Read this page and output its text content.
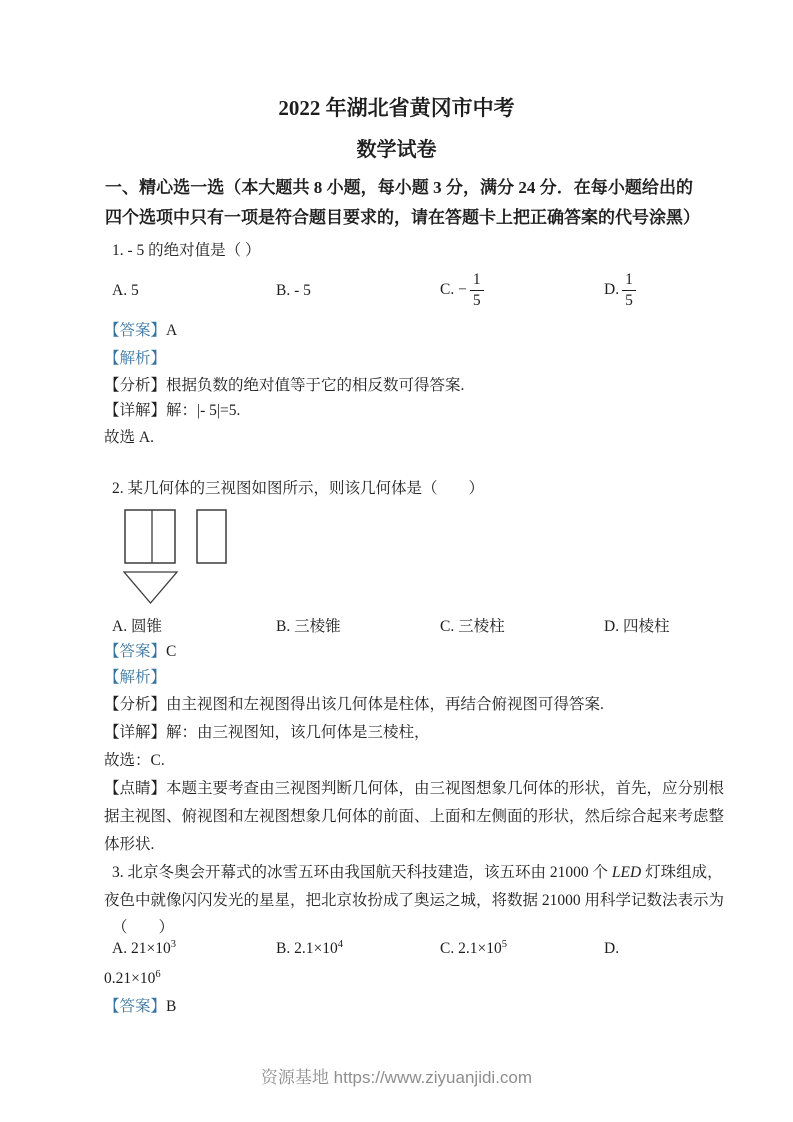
2022 年湖北省黄冈市中考
数学试卷
一、精心选一选（本大题共 8 小题，每小题 3 分，满分 24 分．在每小题给出的
四个选项中只有一项是符合题目要求的，请在答题卡上把正确答案的代号涂黑）
1. - 5 的绝对值是（ ）
A. 5	B. - 5	C. − $\frac{1}{5}$	D. $\frac{1}{5}$
【答案】A
【解析】
【分析】根据负数的绝对值等于它的相反数可得答案.
【详解】解：|- 5|=5.
故选 A.
2. 某几何体的三视图如图所示，则该几何体是（　　）
A. 圆锥	B. 三棱锥	C. 三棱柱	D. 四棱柱
【答案】C
【解析】
【分析】由主视图和左视图得出该几何体是柱体，再结合俯视图可得答案.
【详解】解：由三视图知，该几何体是三棱柱，
故选：C.
【点睛】本题主要考查由三视图判断几何体，由三视图想象几何体的形状，首先，应分别根
据主视图、俯视图和左视图想象几何体的前面、上面和左侧面的形状，然后综合起来考虑整
体形状.
3. 北京冬奥会开幕式的冰雪五环由我国航天科技建造，该五环由 21000 个 LED 灯珠组成，
夜色中就像闪闪发光的星星，把北京妆扮成了奥运之城，将数据 21000 用科学记数法表示为
（　　）
A. $21\times 10^3$	B. $2.1\times 10^4$	C. $2.1\times 10^5$	D.
$0.21\times 10^6$
【答案】B
资源基地 https://www.ziyuanjidi.com
